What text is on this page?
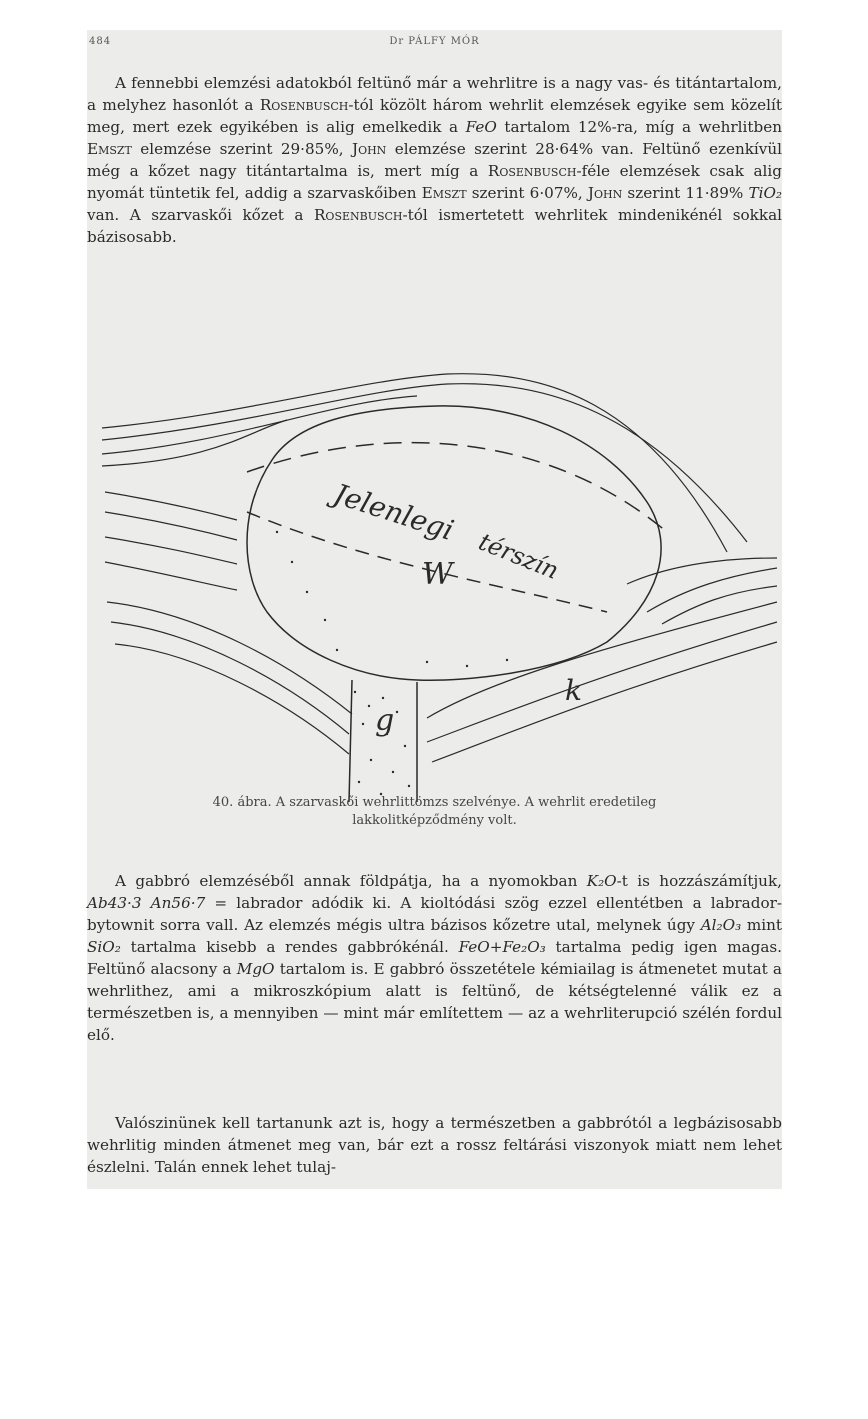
484	Dr PÁLFY MÓR

A fennebbi elemzési adatokból feltünő már a wehrlitre is a nagy vas- és titántartalom, a melyhez hasonlót a Rosenbusch-tól közölt három wehrlit elemzések egyike sem közelít meg, mert ezek egyikében is alig emelkedik a FeO tartalom 12%-ra, míg a wehrlitben Emszt elemzése szerint 29·85%, John elemzése szerint 28·64% van. Feltünő ezenkívül még a kőzet nagy titántartalma is, mert míg a Rosenbusch-féle elemzések csak alig nyomát tüntetik fel, addig a szarvaskőiben Emszt szerint 6·07%, John szerint 11·89% TiO₂ van. A szarvaskői kőzet a Rosenbusch-tól ismertetett wehrlitek mindenikénél sokkal bázisosabb.

Jelenlegi
térszín
W
k
g
40. ábra. A szarvaskői wehrlittömzs szelvénye. A wehrlit eredetileg
lakkolitképződmény volt.

A gabbró elemzéséből annak földpátja, ha a nyomokban K₂O-t is hozzászámítjuk, Ab43·3 An56·7 = labrador adódik ki. A kioltódási szög ezzel ellentétben a labrador-bytownit sorra vall. Az elemzés mégis ultra bázisos kőzetre utal, melynek úgy Al₂O₃ mint SiO₂ tartalma kisebb a rendes gabbrókénál. FeO+Fe₂O₃ tartalma pedig igen magas. Feltünő alacsony a MgO tartalom is. E gabbró összetétele kémiailag is átmenetet mutat a wehrlithez, ami a mikroszkópium alatt is feltünő, de kétségtelenné válik ez a természetben is, a mennyiben — mint már említettem — az a wehrliterupció szélén fordul elő.

Valószinünek kell tartanunk azt is, hogy a természetben a gabbrótól a legbázisosabb wehrlitig minden átmenet meg van, bár ezt a rossz feltárási viszonyok miatt nem lehet észlelni. Talán ennek lehet tulaj-
